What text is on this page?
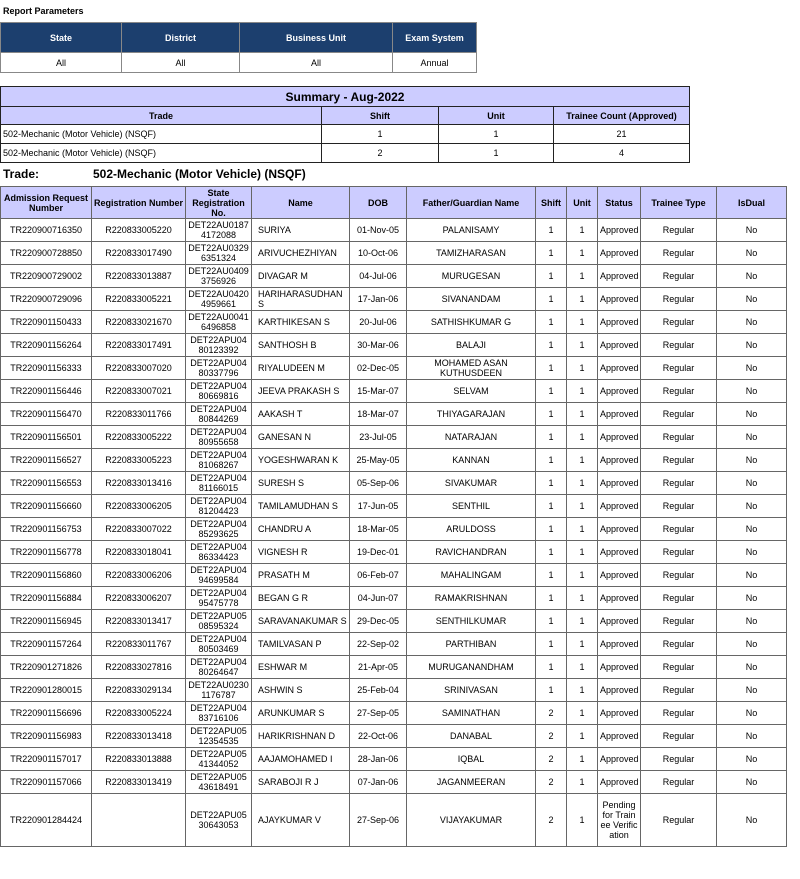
Report Parameters
State	District	Business Unit	Exam System
All	All	All	Annual
Summary - Aug-2022			
Trade	Shift	Unit	Trainee Count (Approved)
502-Mechanic (Motor Vehicle) (NSQF)	1	1	21
502-Mechanic (Motor Vehicle) (NSQF)	2	1	4
Trade:	502-Mechanic (Motor Vehicle) (NSQF)
Admission Request Number	Registration Number	State Registration No.	Name	DOB	Father/Guardian Name	Shift	Unit	Status	Trainee Type	IsDual
TR220900716350	R220833005220	DET22AU01874172088	SURIYA	01-Nov-05	PALANISAMY	1	1	Approved	Regular	No
TR220900728850	R220833017490	DET22AU03296351324	ARIVUCHEZHIYAN	10-Oct-06	TAMIZHARASAN	1	1	Approved	Regular	No
TR220900729002	R220833013887	DET22AU04093756926	DIVAGAR M	04-Jul-06	MURUGESAN	1	1	Approved	Regular	No
TR220900729096	R220833005221	DET22AU04204959661	HARIHARASUDHAN S	17-Jan-06	SIVANANDAM	1	1	Approved	Regular	No
TR220901150433	R220833021670	DET22AU00416496858	KARTHIKESAN S	20-Jul-06	SATHISHKUMAR G	1	1	Approved	Regular	No
TR220901156264	R220833017491	DET22APU0480123392	SANTHOSH B	30-Mar-06	BALAJI	1	1	Approved	Regular	No
TR220901156333	R220833007020	DET22APU0480337796	RIYALUDEEN M	02-Dec-05	MOHAMED ASAN KUTHUSDEEN	1	1	Approved	Regular	No
TR220901156446	R220833007021	DET22APU0480669816	JEEVA PRAKASH S	15-Mar-07	SELVAM	1	1	Approved	Regular	No
TR220901156470	R220833011766	DET22APU0480844269	AAKASH T	18-Mar-07	THIYAGARAJAN	1	1	Approved	Regular	No
TR220901156501	R220833005222	DET22APU0480955658	GANESAN N	23-Jul-05	NATARAJAN	1	1	Approved	Regular	No
TR220901156527	R220833005223	DET22APU0481068267	YOGESHWARAN K	25-May-05	KANNAN	1	1	Approved	Regular	No
TR220901156553	R220833013416	DET22APU0481166015	SURESH S	05-Sep-06	SIVAKUMAR	1	1	Approved	Regular	No
TR220901156660	R220833006205	DET22APU0481204423	TAMILAMUDHAN S	17-Jun-05	SENTHIL	1	1	Approved	Regular	No
TR220901156753	R220833007022	DET22APU0485293625	CHANDRU A	18-Mar-05	ARULDOSS	1	1	Approved	Regular	No
TR220901156778	R220833018041	DET22APU0486334423	VIGNESH R	19-Dec-01	RAVICHANDRAN	1	1	Approved	Regular	No
TR220901156860	R220833006206	DET22APU0494699584	PRASATH M	06-Feb-07	MAHALINGAM	1	1	Approved	Regular	No
TR220901156884	R220833006207	DET22APU0495475778	BEGAN G R	04-Jun-07	RAMAKRISHNAN	1	1	Approved	Regular	No
TR220901156945	R220833013417	DET22APU0508595324	SARAVANAKUMAR S	29-Dec-05	SENTHILKUMAR	1	1	Approved	Regular	No
TR220901157264	R220833011767	DET22APU0480503469	TAMILVASAN P	22-Sep-02	PARTHIBAN	1	1	Approved	Regular	No
TR220901271826	R220833027816	DET22APU0480264647	ESHWAR M	21-Apr-05	MURUGANANDHAM	1	1	Approved	Regular	No
TR220901280015	R220833029134	DET22AU02301176787	ASHWIN S	25-Feb-04	SRINIVASAN	1	1	Approved	Regular	No
TR220901156696	R220833005224	DET22APU0483716106	ARUNKUMAR S	27-Sep-05	SAMINATHAN	2	1	Approved	Regular	No
TR220901156983	R220833013418	DET22APU0512354535	HARIKRISHNAN D	22-Oct-06	DANABAL	2	1	Approved	Regular	No
TR220901157017	R220833013888	DET22APU0541344052	AAJAMOHAMED I	28-Jan-06	IQBAL	2	1	Approved	Regular	No
TR220901157066	R220833013419	DET22APU0543618491	SARABOJI R J	07-Jan-06	JAGANMEERAN	2	1	Approved	Regular	No
TR220901284424		DET22APU0530643053	AJAYKUMAR V	27-Sep-06	VIJAYAKUMAR	2	1	Pending for Trainee Verification	Regular	No
